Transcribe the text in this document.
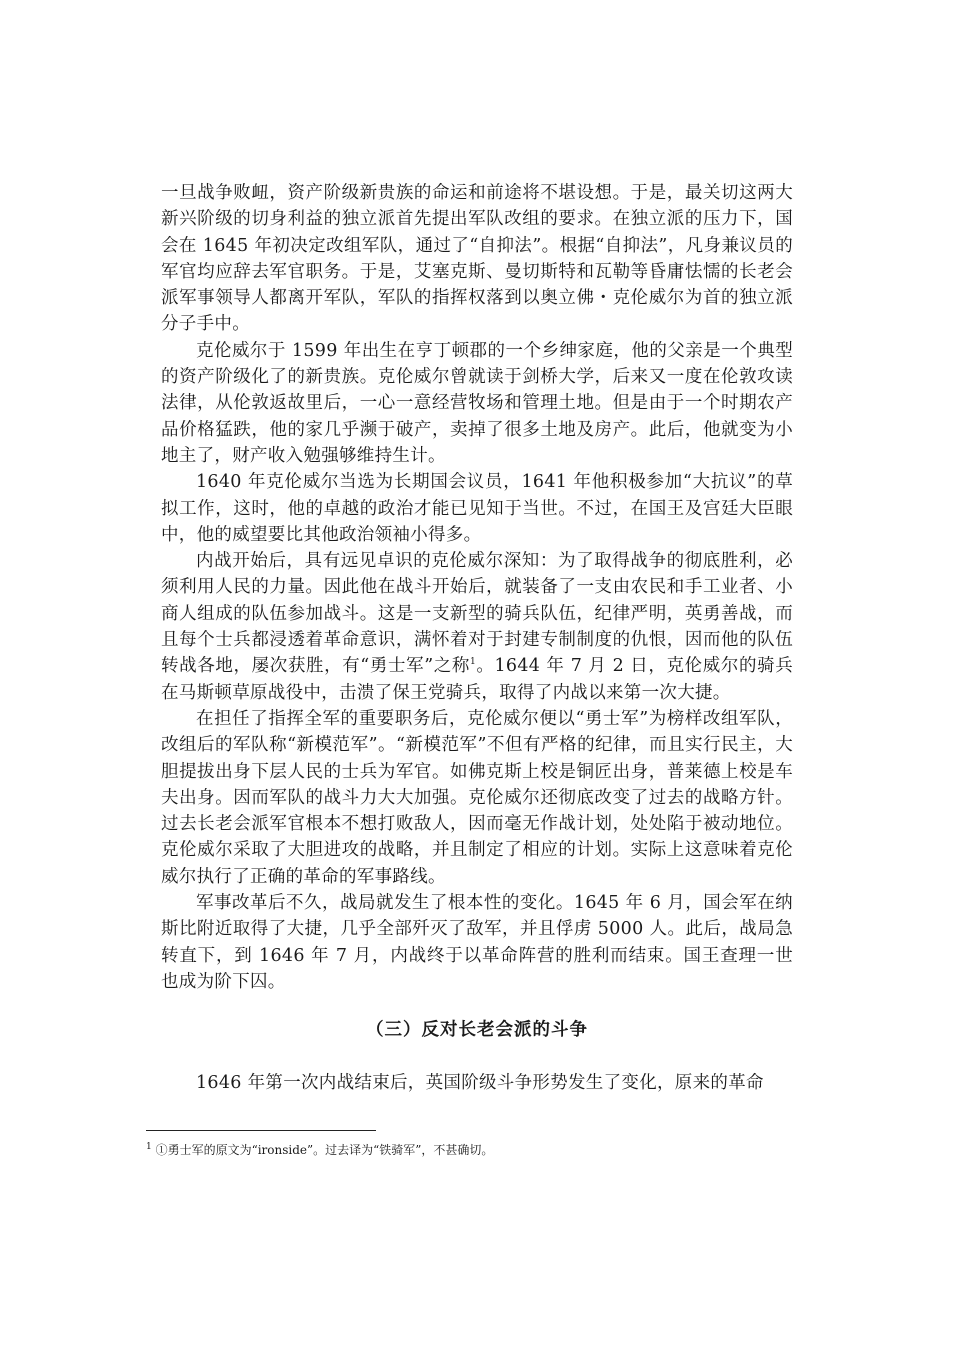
一旦战争败衄，资产阶级新贵族的命运和前途将不堪设想。于是，最关切这两大新兴阶级的切身利益的独立派首先提出军队改组的要求。在独立派的压力下，国会在 1645 年初决定改组军队，通过了“自抑法”。根据“自抑法”，凡身兼议员的军官均应辞去军官职务。于是，艾塞克斯、曼切斯特和瓦勒等昏庸怯懦的长老会派军事领导人都离开军队，军队的指挥权落到以奥立佛・克伦威尔为首的独立派分子手中。

克伦威尔于 1599 年出生在亨丁顿郡的一个乡绅家庭，他的父亲是一个典型的资产阶级化了的新贵族。克伦威尔曾就读于剑桥大学，后来又一度在伦敦攻读法律，从伦敦返故里后，一心一意经营牧场和管理土地。但是由于一个时期农产品价格猛跌，他的家几乎濒于破产，卖掉了很多土地及房产。此后，他就变为小地主了，财产收入勉强够维持生计。

1640 年克伦威尔当选为长期国会议员，1641 年他积极参加“大抗议”的草拟工作，这时，他的卓越的政治才能已见知于当世。不过，在国王及宫廷大臣眼中，他的威望要比其他政治领袖小得多。

内战开始后，具有远见卓识的克伦威尔深知：为了取得战争的彻底胜利，必须利用人民的力量。因此他在战斗开始后，就装备了一支由农民和手工业者、小商人组成的队伍参加战斗。这是一支新型的骑兵队伍，纪律严明，英勇善战，而且每个士兵都浸透着革命意识，满怀着对于封建专制制度的仇恨，因而他的队伍转战各地，屡次获胜，有“勇士军”之称$^1$。1644 年 7 月 2 日，克伦威尔的骑兵在马斯顿草原战役中，击溃了保王党骑兵，取得了内战以来第一次大捷。

在担任了指挥全军的重要职务后，克伦威尔便以“勇士军”为榜样改组军队，改组后的军队称“新模范军”。“新模范军”不但有严格的纪律，而且实行民主，大胆提拔出身下层人民的士兵为军官。如佛克斯上校是铜匠出身，普莱德上校是车夫出身。因而军队的战斗力大大加强。克伦威尔还彻底改变了过去的战略方针。过去长老会派军官根本不想打败敌人，因而毫无作战计划，处处陷于被动地位。克伦威尔采取了大胆进攻的战略，并且制定了相应的计划。实际上这意味着克伦威尔执行了正确的革命的军事路线。

军事改革后不久，战局就发生了根本性的变化。1645 年 6 月，国会军在纳斯比附近取得了大捷，几乎全部歼灭了敌军，并且俘虏 5000 人。此后，战局急转直下，到 1646 年 7 月，内战终于以革命阵营的胜利而结束。国王查理一世也成为阶下囚。

（三）反对长老会派的斗争
1646 年第一次内战结束后，英国阶级斗争形势发生了变化，原来的革命
$^1$ ①勇士军的原文为“ironside”。过去译为“铁骑军”，不甚确切。
